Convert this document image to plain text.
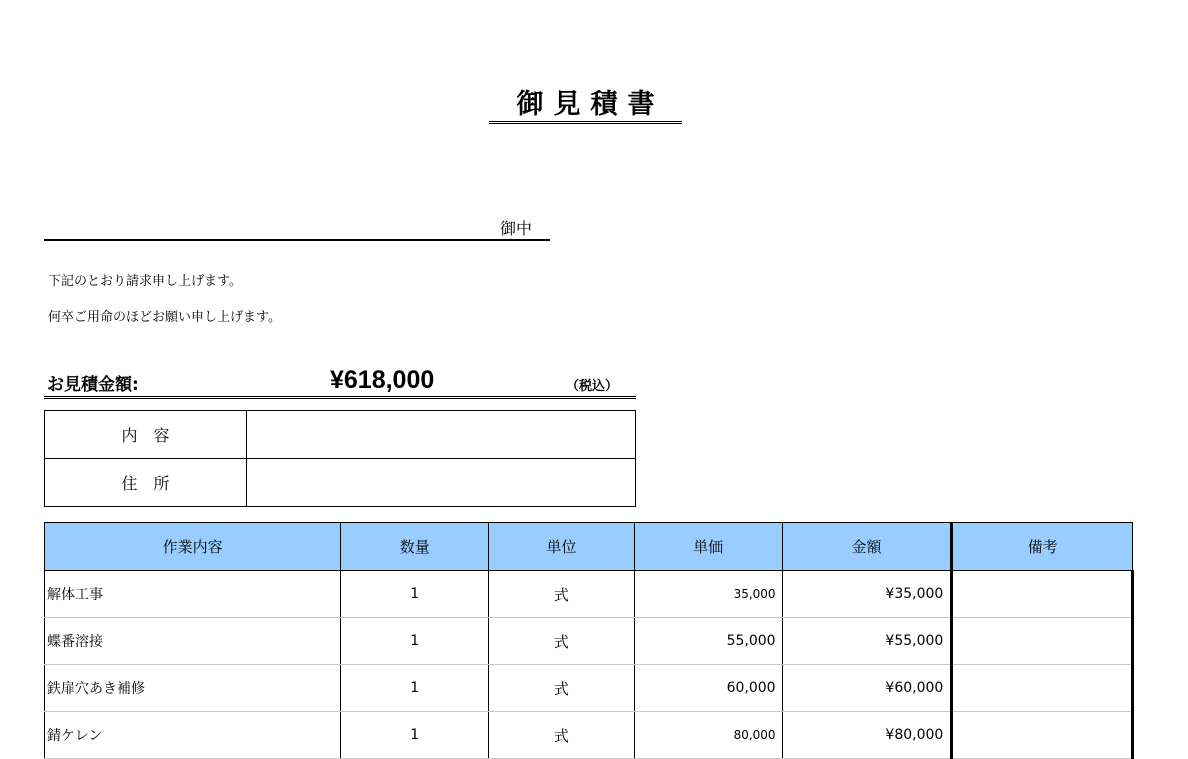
御見積書
御中
下記のとおり請求申し上げます。
何卒ご用命のほどお願い申し上げます。
お見積金額:	¥618,000	（税込）
内容	
住所	
作業内容	数量	単位	単価	金額	備考
解体工事	1	式	35,000	¥35,000	
蝶番溶接	1	式	55,000	¥55,000	
鉄扉穴あき補修	1	式	60,000	¥60,000	
錆ケレン	1	式	80,000	¥80,000	
